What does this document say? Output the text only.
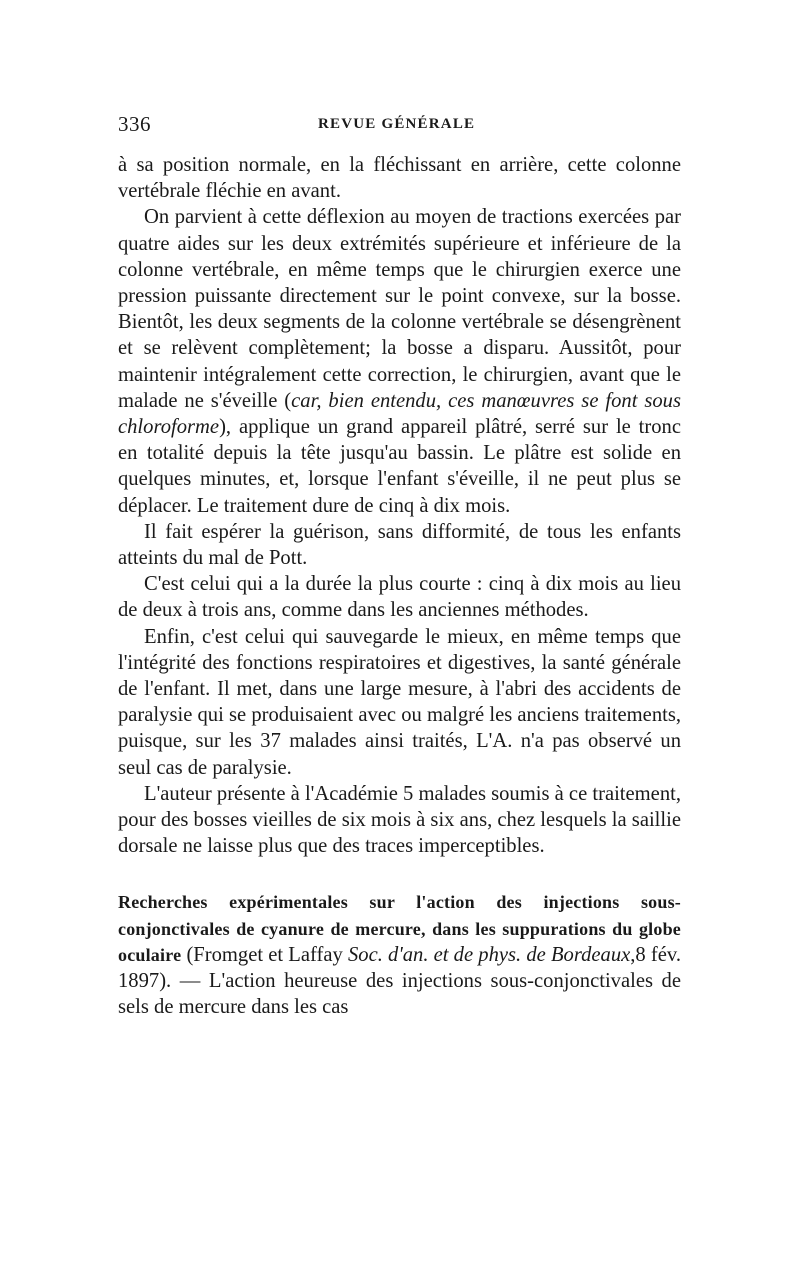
336	REVUE GÉNÉRALE

à sa position normale, en la fléchissant en arrière, cette colonne vertébrale fléchie en avant.

On parvient à cette déflexion au moyen de tractions exercées par quatre aides sur les deux extrémités supérieure et inférieure de la colonne vertébrale, en même temps que le chirurgien exerce une pression puissante directement sur le point convexe, sur la bosse. Bientôt, les deux segments de la colonne vertébrale se désengrènent et se relèvent complètement; la bosse a disparu. Aussitôt, pour maintenir intégralement cette correction, le chirurgien, avant que le malade ne s'éveille (car, bien entendu, ces manœuvres se font sous chloroforme), applique un grand appareil plâtré, serré sur le tronc en totalité depuis la tête jusqu'au bassin. Le plâtre est solide en quelques minutes, et, lorsque l'enfant s'éveille, il ne peut plus se déplacer. Le traitement dure de cinq à dix mois.

Il fait espérer la guérison, sans difformité, de tous les enfants atteints du mal de Pott.

C'est celui qui a la durée la plus courte : cinq à dix mois au lieu de deux à trois ans, comme dans les anciennes méthodes.

Enfin, c'est celui qui sauvegarde le mieux, en même temps que l'intégrité des fonctions respiratoires et digestives, la santé générale de l'enfant. Il met, dans une large mesure, à l'abri des accidents de paralysie qui se produisaient avec ou malgré les anciens traitements, puisque, sur les 37 malades ainsi traités, L'A. n'a pas observé un seul cas de paralysie.

L'auteur présente à l'Académie 5 malades soumis à ce traitement, pour des bosses vieilles de six mois à six ans, chez lesquels la saillie dorsale ne laisse plus que des traces imperceptibles.

Recherches expérimentales sur l'action des injections sous-conjonctivales de cyanure de mercure, dans les suppurations du globe oculaire (Fromget et Laffay Soc. d'an. et de phys. de Bordeaux,8 fév. 1897). — L'action heureuse des injections sous-conjonctivales de sels de mercure dans les cas
